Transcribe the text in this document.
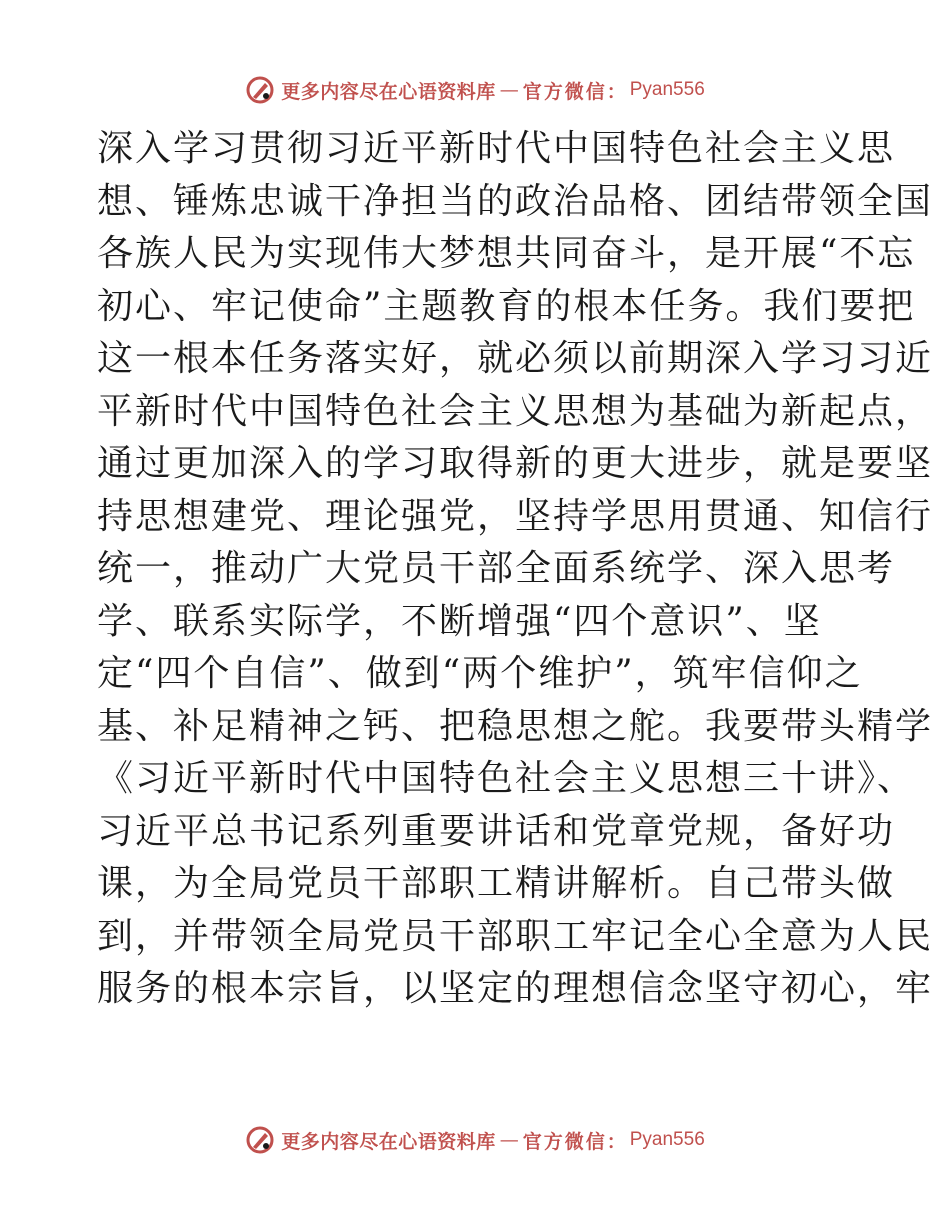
更多内容尽在心语资料库 — 官方微信： Pyan556
深入学习贯彻习近平新时代中国特色社会主义思
想、锤炼忠诚干净担当的政治品格、团结带领全国
各族人民为实现伟大梦想共同奋斗，是开展“不忘
初心、牢记使命”主题教育的根本任务。我们要把
这一根本任务落实好，就必须以前期深入学习习近
平新时代中国特色社会主义思想为基础为新起点，
通过更加深入的学习取得新的更大进步，就是要坚
持思想建党、理论强党，坚持学思用贯通、知信行
统一，推动广大党员干部全面系统学、深入思考
学、联系实际学，不断增强“四个意识”、坚
定“四个自信”、做到“两个维护”，筑牢信仰之
基、补足精神之钙、把稳思想之舵。我要带头精学
《习近平新时代中国特色社会主义思想三十讲》、
习近平总书记系列重要讲话和党章党规，备好功
课，为全局党员干部职工精讲解析。自己带头做
到，并带领全局党员干部职工牢记全心全意为人民
服务的根本宗旨，以坚定的理想信念坚守初心，牢
更多内容尽在心语资料库 — 官方微信： Pyan556
